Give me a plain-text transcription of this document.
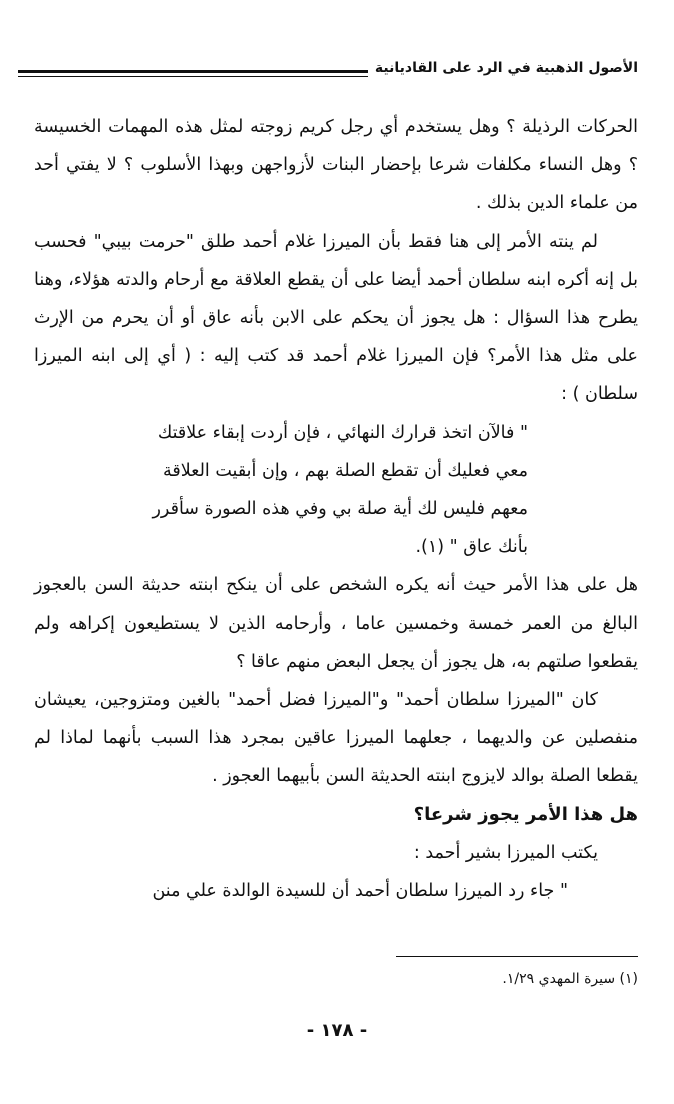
الأصول الذهبية في الرد على القاديانية

الحركات الرذيلة ؟ وهل يستخدم أي رجل كريم زوجته لمثل هذه المهمات الخسيسة ؟ وهل النساء مكلفات شرعا بإحضار البنات لأزواجهن وبهذا الأسلوب ؟ لا يفتي أحد من علماء الدين بذلك .

لم ينته الأمر إلى هنا فقط بأن الميرزا غلام أحمد طلق "حرمت بيبي" فحسب بل إنه أكره ابنه سلطان أحمد أيضا على أن يقطع العلاقة مع أرحام والدته هؤلاء، وهنا يطرح هذا السؤال : هل يجوز أن يحكم على الابن بأنه عاق أو أن يحرم من الإرث على مثل هذا الأمر؟ فإن الميرزا غلام أحمد قد كتب إليه : ( أي إلى ابنه الميرزا سلطان ) :

" فالآن اتخذ قرارك النهائي ، فإن أردت إبقاء علاقتك

معي فعليك أن تقطع الصلة بهم ، وإن أبقيت العلاقة

معهم فليس لك أية صلة بي وفي هذه الصورة سأقرر

بأنك عاق " (١).

هل على هذا الأمر حيث أنه يكره الشخص على أن ينكح ابنته حديثة السن بالعجوز البالغ من العمر خمسة وخمسين عاما ، وأرحامه الذين لا يستطيعون إكراهه ولم يقطعوا صلتهم به، هل يجوز أن يجعل البعض منهم عاقا ؟

كان "الميرزا سلطان أحمد" و"الميرزا فضل أحمد" بالغين ومتزوجين، يعيشان منفصلين عن والديهما ، جعلهما الميرزا عاقين بمجرد هذا السبب بأنهما لماذا لم يقطعا الصلة بوالد لايزوج ابنته الحديثة السن بأبيهما العجوز .

هل هذا الأمر يجوز شرعا؟

يكتب الميرزا بشير أحمد :

" جاء رد الميرزا سلطان أحمد أن للسيدة الوالدة علي منن

(١) سيرة المهدي ١/٢٩.
- ١٧٨ -
